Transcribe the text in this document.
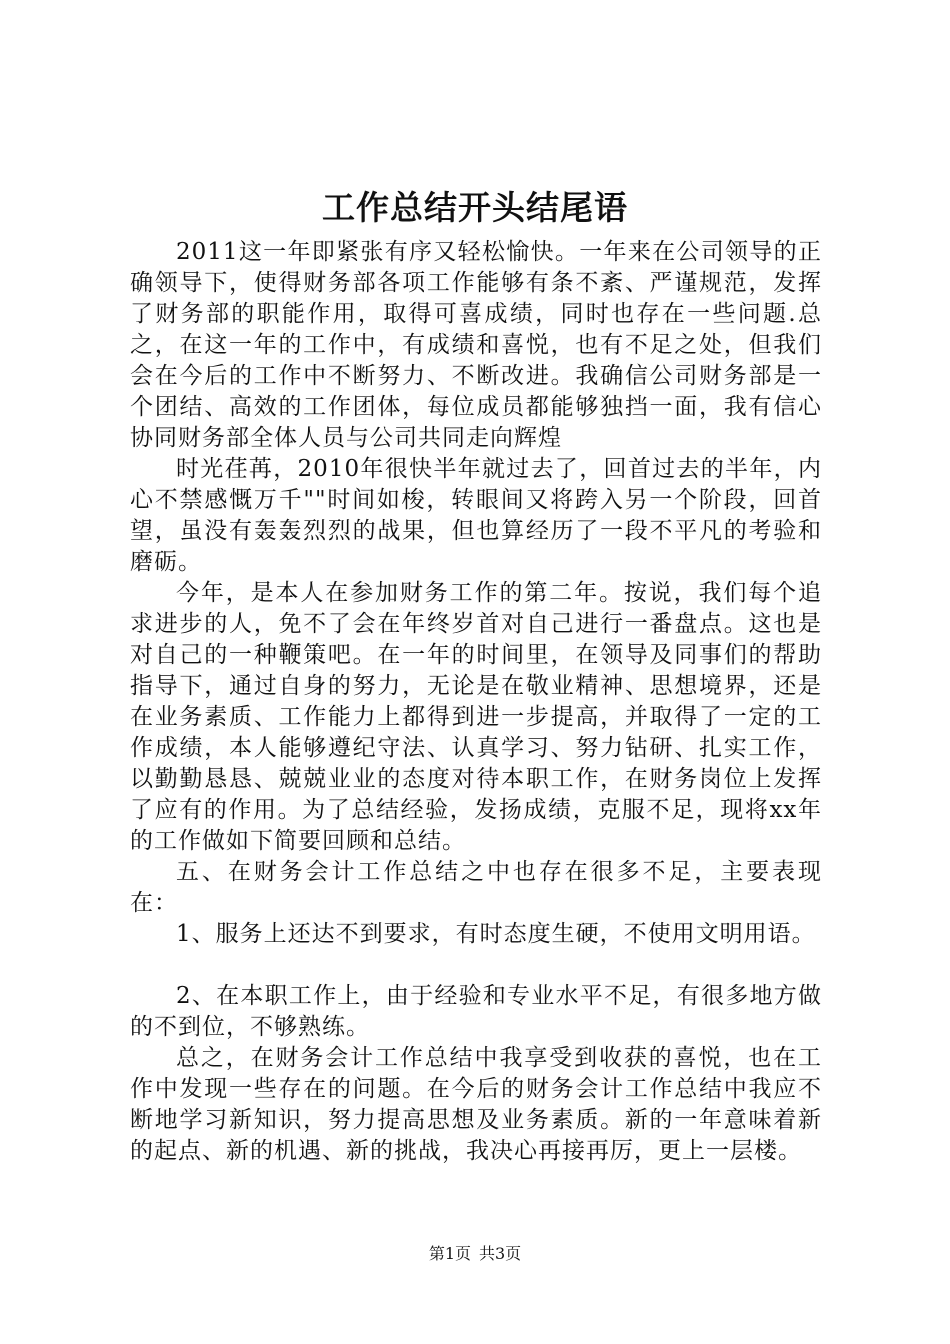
工作总结开头结尾语

2011这一年即紧张有序又轻松愉快。一年来在公司领导的正确领导下，使得财务部各项工作能够有条不紊、严谨规范，发挥了财务部的职能作用，取得可喜成绩，同时也存在一些问题.总之，在这一年的工作中，有成绩和喜悦，也有不足之处，但我们会在今后的工作中不断努力、不断改进。我确信公司财务部是一个团结、高效的工作团体，每位成员都能够独挡一面，我有信心协同财务部全体人员与公司共同走向辉煌

时光荏苒，2010年很快半年就过去了，回首过去的半年，内心不禁感慨万千""时间如梭，转眼间又将跨入另一个阶段，回首望，虽没有轰轰烈烈的战果，但也算经历了一段不平凡的考验和磨砺。

今年，是本人在参加财务工作的第二年。按说，我们每个追求进步的人，免不了会在年终岁首对自己进行一番盘点。这也是对自己的一种鞭策吧。在一年的时间里，在领导及同事们的帮助指导下，通过自身的努力，无论是在敬业精神、思想境界，还是在业务素质、工作能力上都得到进一步提高，并取得了一定的工作成绩，本人能够遵纪守法、认真学习、努力钻研、扎实工作，以勤勤恳恳、兢兢业业的态度对待本职工作，在财务岗位上发挥了应有的作用。为了总结经验，发扬成绩，克服不足，现将xx年的工作做如下简要回顾和总结。

五、在财务会计工作总结之中也存在很多不足，主要表现在：

1、服务上还达不到要求，有时态度生硬，不使用文明用语。

2、在本职工作上，由于经验和专业水平不足，有很多地方做的不到位，不够熟练。

总之，在财务会计工作总结中我享受到收获的喜悦，也在工作中发现一些存在的问题。在今后的财务会计工作总结中我应不断地学习新知识，努力提高思想及业务素质。新的一年意味着新的起点、新的机遇、新的挑战，我决心再接再厉，更上一层楼。

第1页 共3页
